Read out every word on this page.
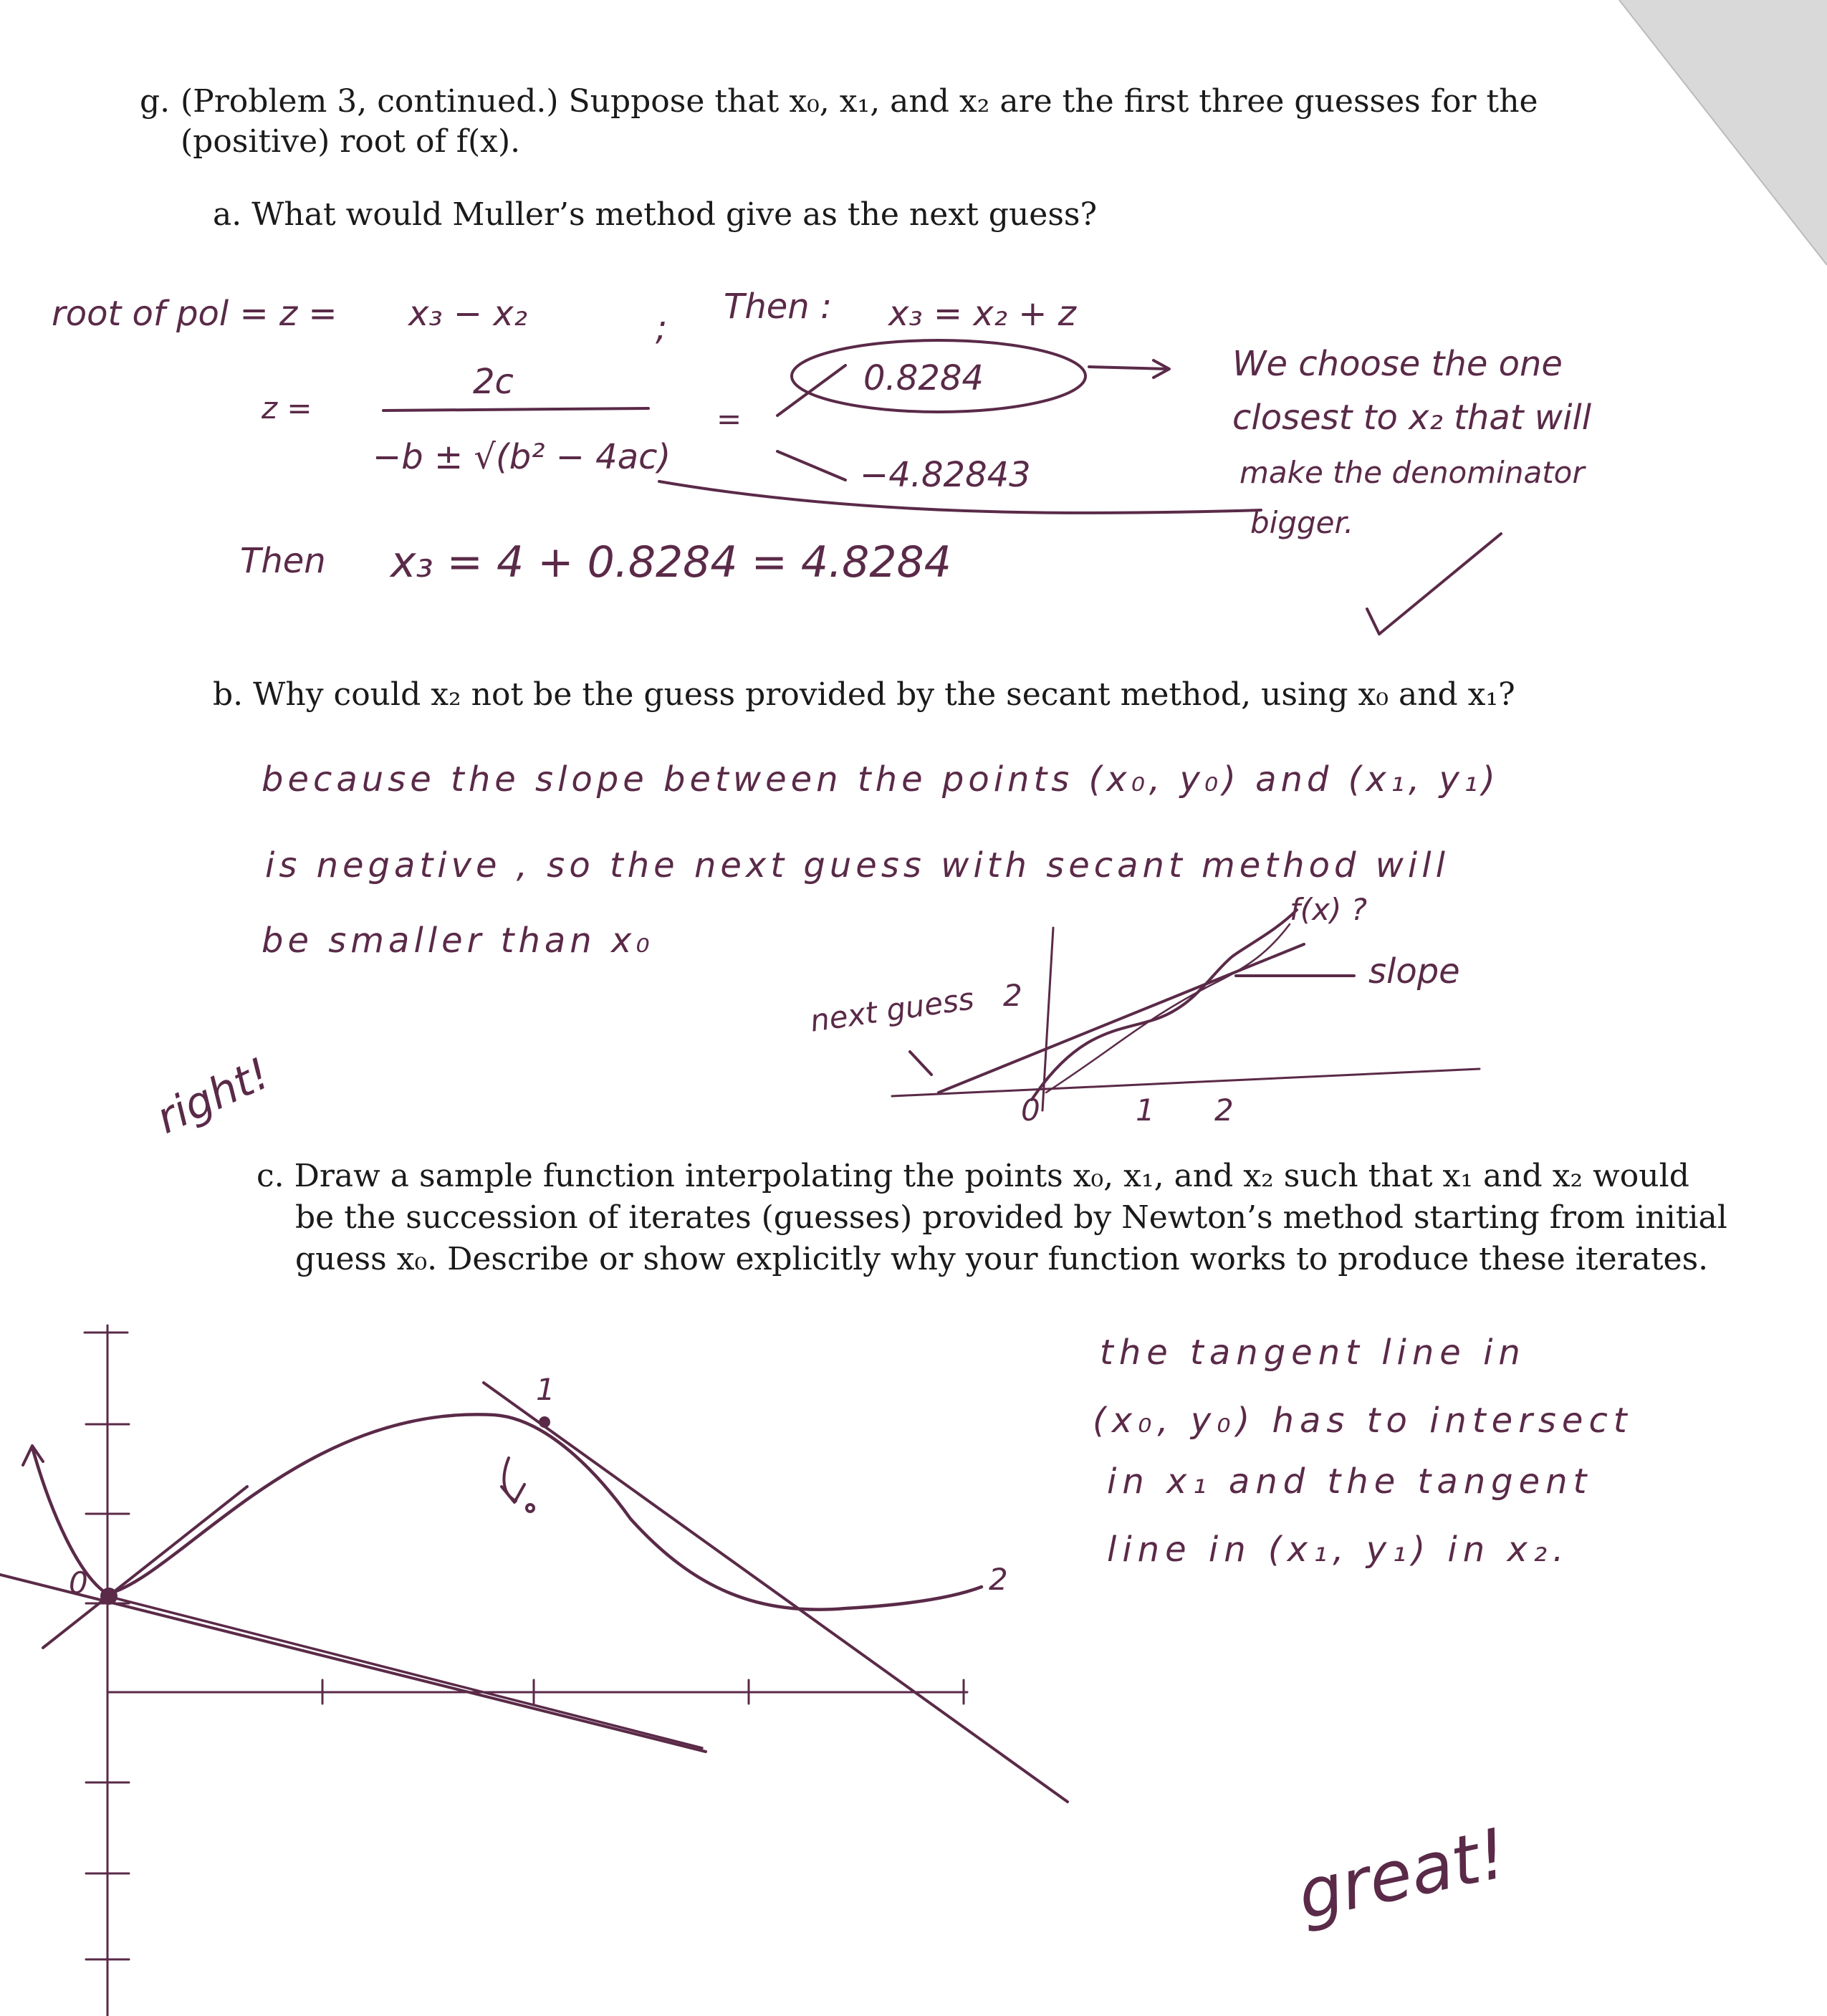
g. (Problem 3, continued.) Suppose that x₀, x₁, and x₂ are the first three guesses for the
(positive) root of f(x).
a. What would Muller’s method give as the next guess?
b. Why could x₂ not be the guess provided by the secant method, using x₀ and x₁?
c. Draw a sample function interpolating the points x₀, x₁, and x₂ such that x₁ and x₂ would
be the succession of iterates (guesses) provided by Newton’s method starting from initial
guess x₀. Describe or show explicitly why your function works to produce these iterates.
root of pol = z = x₃ − x₂	;
Then : x₃ = x₂ + z
z =
2c
−b ± √(b² − 4ac)
=
0.8284
−4.82843
We choose the one
closest to x₂ that will
make the denominator
bigger.
Then x₃ = 4 + 0.8284 = 4.8284
because the slope between the points (x₀, y₀) and (x₁, y₁)
is negative , so the next guess with secant method will
be smaller than x₀
f(x) ?
slope
next guess 2
0	1 2
right!
the tangent line in
(x₀, y₀) has to intersect
in x₁ and the tangent
line in (x₁, y₁) in x₂.
1
2
0
great!
